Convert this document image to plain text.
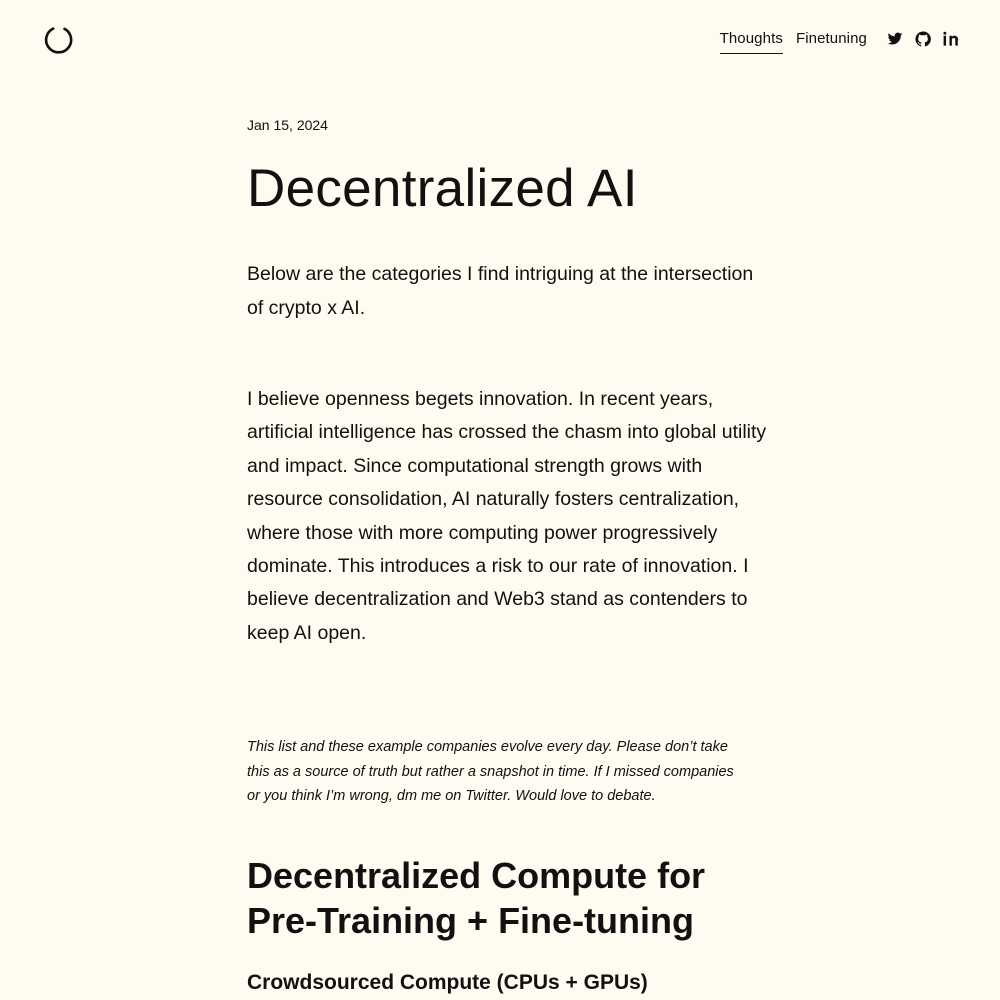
Thoughts Finetuning
Jan 15, 2024
Decentralized AI

Below are the categories I find intriguing at the intersection of crypto x AI.

I believe openness begets innovation. In recent years, artificial intelligence has crossed the chasm into global utility and impact. Since computational strength grows with resource consolidation, AI naturally fosters centralization, where those with more computing power progressively dominate. This introduces a risk to our rate of innovation. I believe decentralization and Web3 stand as contenders to keep AI open.

This list and these example companies evolve every day. Please don’t take this as a source of truth but rather a snapshot in time. If I missed companies or you think I’m wrong, dm me on Twitter. Would love to debate.

Decentralized Compute for Pre-Training + Fine-tuning
Crowdsourced Compute (CPUs + GPUs)
